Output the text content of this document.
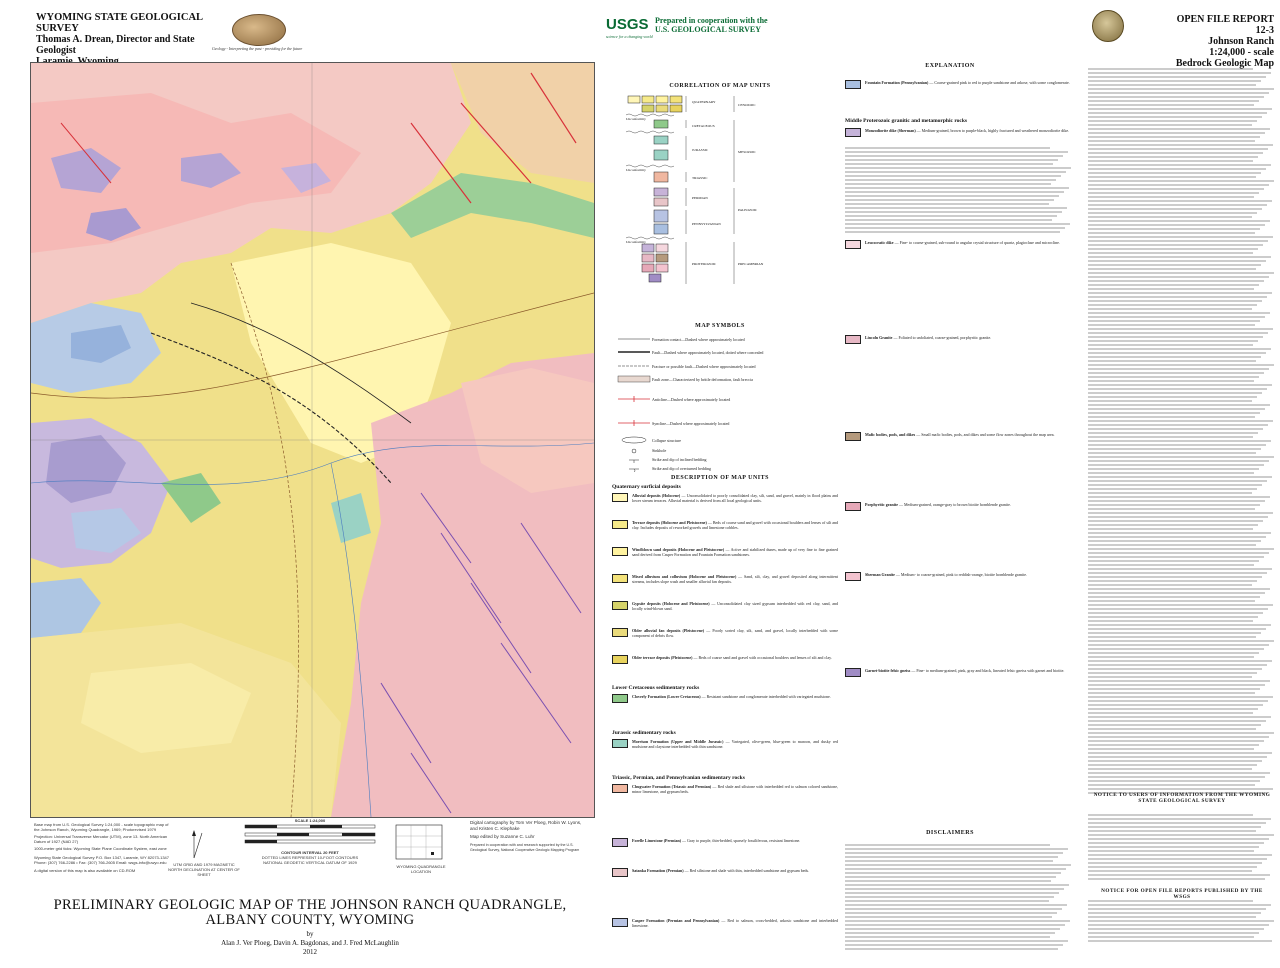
WYOMING STATE GEOLOGICAL SURVEY
Thomas A. Drean, Director and State Geologist	Geology - Interpreting the past - providing for the future
USGS
science for a changing world
Prepared in cooperation with the
U.S. GEOLOGICAL SURVEY
OPEN FILE REPORT 12-3
Johnson Ranch 1:24,000 - scale
Bedrock Geologic Map
Base map from U.S. Geological Survey 1:24,000 - scale topographic map of the Johnson Ranch, Wyoming Quadrangle, 1969; Photorevised 1979
Projection: Universal Transverse Mercator (UTM), zone 13. North American Datum of 1927 (NAD 27)
1000-meter grid ticks: Wyoming State Plane Coordinate System, east zone
Wyoming State Geological Survey P.O. Box 1347, Laramie, WY 82073-1347 Phone: (307) 766-2286 • Fax: (307) 766-2605 Email: wsgs-info@uwyo.edu
A digital version of this map is also available on CD-ROM
UTM GRID AND 1979 MAGNETIC NORTH DECLINATION AT CENTER OF SHEET
SCALE 1:24,000
CONTOUR INTERVAL 20 FEET
DOTTED LINES REPRESENT 10-FOOT CONTOURS
NATIONAL GEODETIC VERTICAL DATUM OF 1929
WYOMING QUADRANGLE LOCATION
Digital cartography by Tom Ver Ploeg, Robin W. Lyons, and Kristen C. Klephake
Map edited by Suzanne C. Luhr
Prepared in cooperation with and research supported by the U.S. Geological Survey, National Cooperative Geologic Mapping Program
PRELIMINARY GEOLOGIC MAP OF THE JOHNSON RANCH QUADRANGLE,
ALBANY COUNTY, WYOMING
by
Alan J. Ver Ploeg, Davin A. Bagdonas, and J. Fred McLaughlin
2012
CORRELATION OF MAP UNITS
QUATERNARY
CRETACEOUS
JURASSIC
TRIASSIC
PERMIAN
PENNSYLVANIAN
PROTEROZOIC
CENOZOIC
MESOZOIC
PALEOZOIC
PRECAMBRIAN
Unconformity
Unconformity
Unconformity
MAP SYMBOLS
Formation contact—Dashed where approximately located
Fault—Dashed where approximately located, dotted where concealed
Fracture or possible fault—Dashed where approximately located
Fault zone—Characterized by brittle deformation, fault breccia
Anticline—Dashed where approximately located
Syncline—Dashed where approximately located
Collapse structure
Sinkhole
Strike and dip of inclined bedding
Strike and dip of overturned bedding
DESCRIPTION OF MAP UNITS
Quaternary surficial deposits
Alluvial deposits (Holocene) — Unconsolidated to poorly consolidated clay, silt, sand, and gravel, mainly in flood plains and lower stream terraces. Alluvial material is derived from all local geological units.
Terrace deposits (Holocene and Pleistocene) — Beds of coarse sand and gravel with occasional boulders and lenses of silt and clay. Includes deposits of reworked gravels and limestone cobbles.
Windblown sand deposits (Holocene and Pleistocene) — Active and stabilized dunes, made up of very fine to fine grained sand derived from Casper Formation and Fountain Formation sandstones.
Mixed alluvium and colluvium (Holocene and Pleistocene) — Sand, silt, clay, and gravel deposited along intermittent streams, includes slope wash and smaller alluvial fan deposits.
Gypsite deposits (Holocene and Pleistocene) — Unconsolidated clay sized gypsum interbedded with red clay, sand, and locally wind-blown sand.
Older alluvial fan deposits (Pleistocene) — Poorly sorted clay, silt, sand, and gravel, locally interbedded with some component of debris flow.
Older terrace deposits (Pleistocene) — Beds of coarse sand and gravel with occasional boulders and lenses of silt and clay.
Lower Cretaceous sedimentary rocks
Cloverly Formation (Lower Cretaceous) — Resistant sandstone and conglomerate interbedded with variegated mudstone.
Jurassic sedimentary rocks
Morrison Formation (Upper and Middle Jurassic) — Variegated, olive-green, blue-green to maroon, and dusky red mudstone and claystone interbedded with thin sandstone.
Triassic, Permian, and Pennsylvanian sedimentary rocks
Chugwater Formation (Triassic and Permian) — Red shale and siltstone with interbedded red to salmon colored sandstone, minor limestone, and gypsum beds.
Forelle Limestone (Permian) — Gray to purple, thin-bedded, sparsely fossiliferous, resistant limestone.
Satanka Formation (Permian) — Red siltstone and shale with thin, interbedded sandstone and gypsum beds.
Casper Formation (Permian and Pennsylvanian) — Red to salmon, cross-bedded, arkosic sandstone and interbedded limestone.
EXPLANATION
Fountain Formation (Pennsylvanian) — Coarse-grained pink to red to purple sandstone and arkose, with some conglomerate.
Middle Proterozoic granitic and metamorphic rocks
Monzodiorite dike (Sherman) — Medium-grained, brown to purple-black, highly fractured and weathered monzodiorite dike.
Leucocratic dike — Fine- to coarse-grained, sub-round to angular crystal structure of quartz, plagioclase and microcline.
Lincoln Granite — Foliated to unfoliated, coarse-grained, porphyritic granite.
Mafic bodies, pods, and dikes — Small mafic bodies, pods, and dikes and some flow zones throughout the map area.
Porphyritic granite — Medium-grained, orange-gray to brown biotite hornblende granite.
Sherman Granite — Medium- to coarse-grained, pink to reddish-orange, biotite hornblende granite.
Garnet-biotite felsic gneiss — Fine- to medium-grained, pink, gray and black, lineated felsic gneiss with garnet and biotite.
DISCLAIMERS
NOTICE TO USERS OF INFORMATION FROM THE WYOMING STATE GEOLOGICAL SURVEY
NOTICE FOR OPEN FILE REPORTS PUBLISHED BY THE WSGS
